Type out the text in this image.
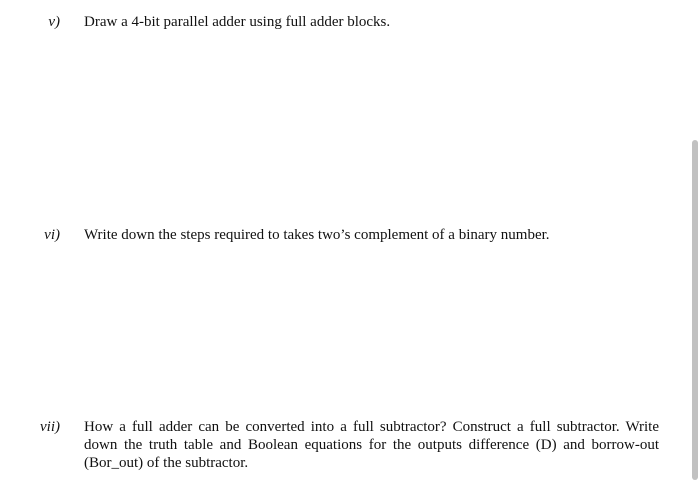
v) Draw a 4-bit parallel adder using full adder blocks.
vi) Write down the steps required to takes two’s complement of a binary number.
vii) How a full adder can be converted into a full subtractor? Construct a full subtractor. Write down the truth table and Boolean equations for the outputs difference (D) and borrow-out (Bor_out) of the subtractor.
